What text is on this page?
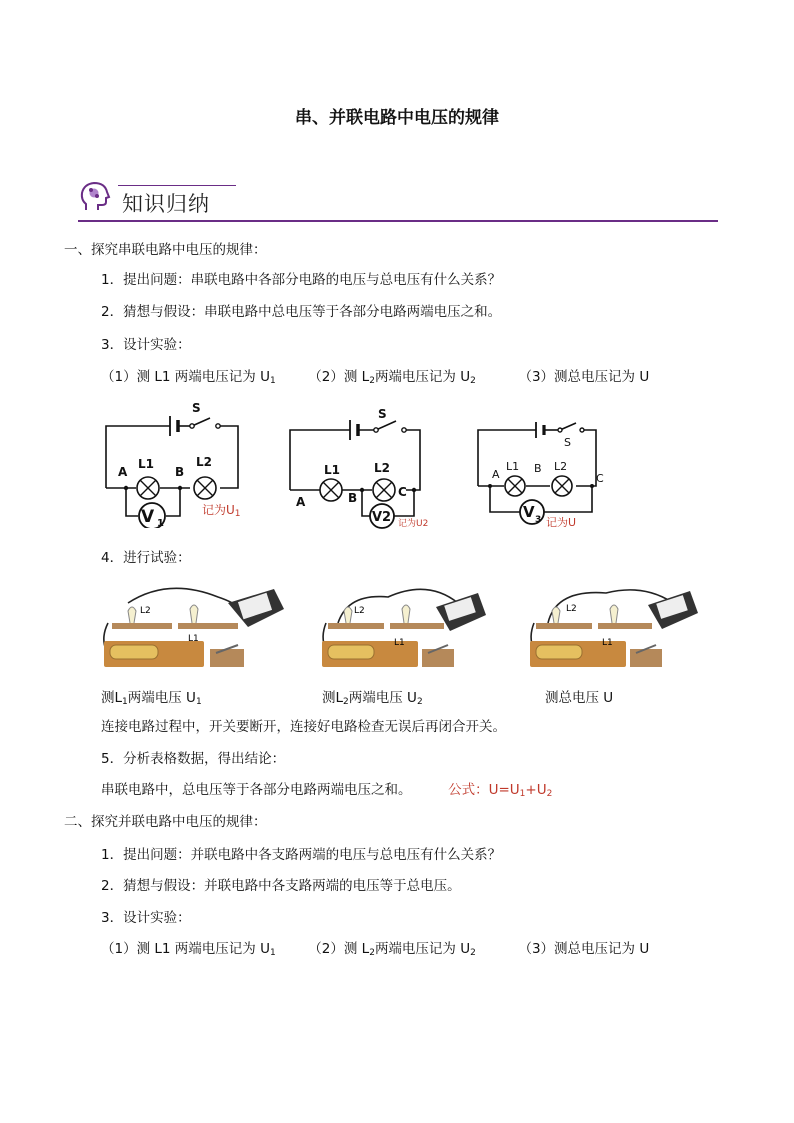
串、并联电路中电压的规律
知识归纳
一、探究串联电路中电压的规律：
1．提出问题：串联电路中各部分电路的电压与总电压有什么关系？
2．猜想与假设：串联电路中总电压等于各部分电路两端电压之和。
3．设计实验：
（1）测 L1 两端电压记为 $U_1$ （2）测 $L_2$两端电压记为 $U_2$	（3）测总电压记为 U
S
L1	L2
A	B
V 1
记为U1
S
L1	L2
A	B	C
V2 记为U2
S
L1	L2
A	B
C
V 3 记为U
4．进行试验：
L2
L1
L2
L1
L2
L1
测$L_1$两端电压 $U_1$	测$L_2$两端电压 $U_2$	测总电压 U
连接电路过程中，开关要断开，连接好电路检查无误后再闭合开关。
5．分析表格数据，得出结论：
串联电路中，总电压等于各部分电路两端电压之和。	公式：$U=U_1+U_2$
二、探究并联电路中电压的规律：
1．提出问题：并联电路中各支路两端的电压与总电压有什么关系？
2．猜想与假设：并联电路中各支路两端的电压等于总电压。
3．设计实验：
（1）测 L1 两端电压记为 $U_1$ （2）测 $L_2$两端电压记为 $U_2$	（3）测总电压记为 U
